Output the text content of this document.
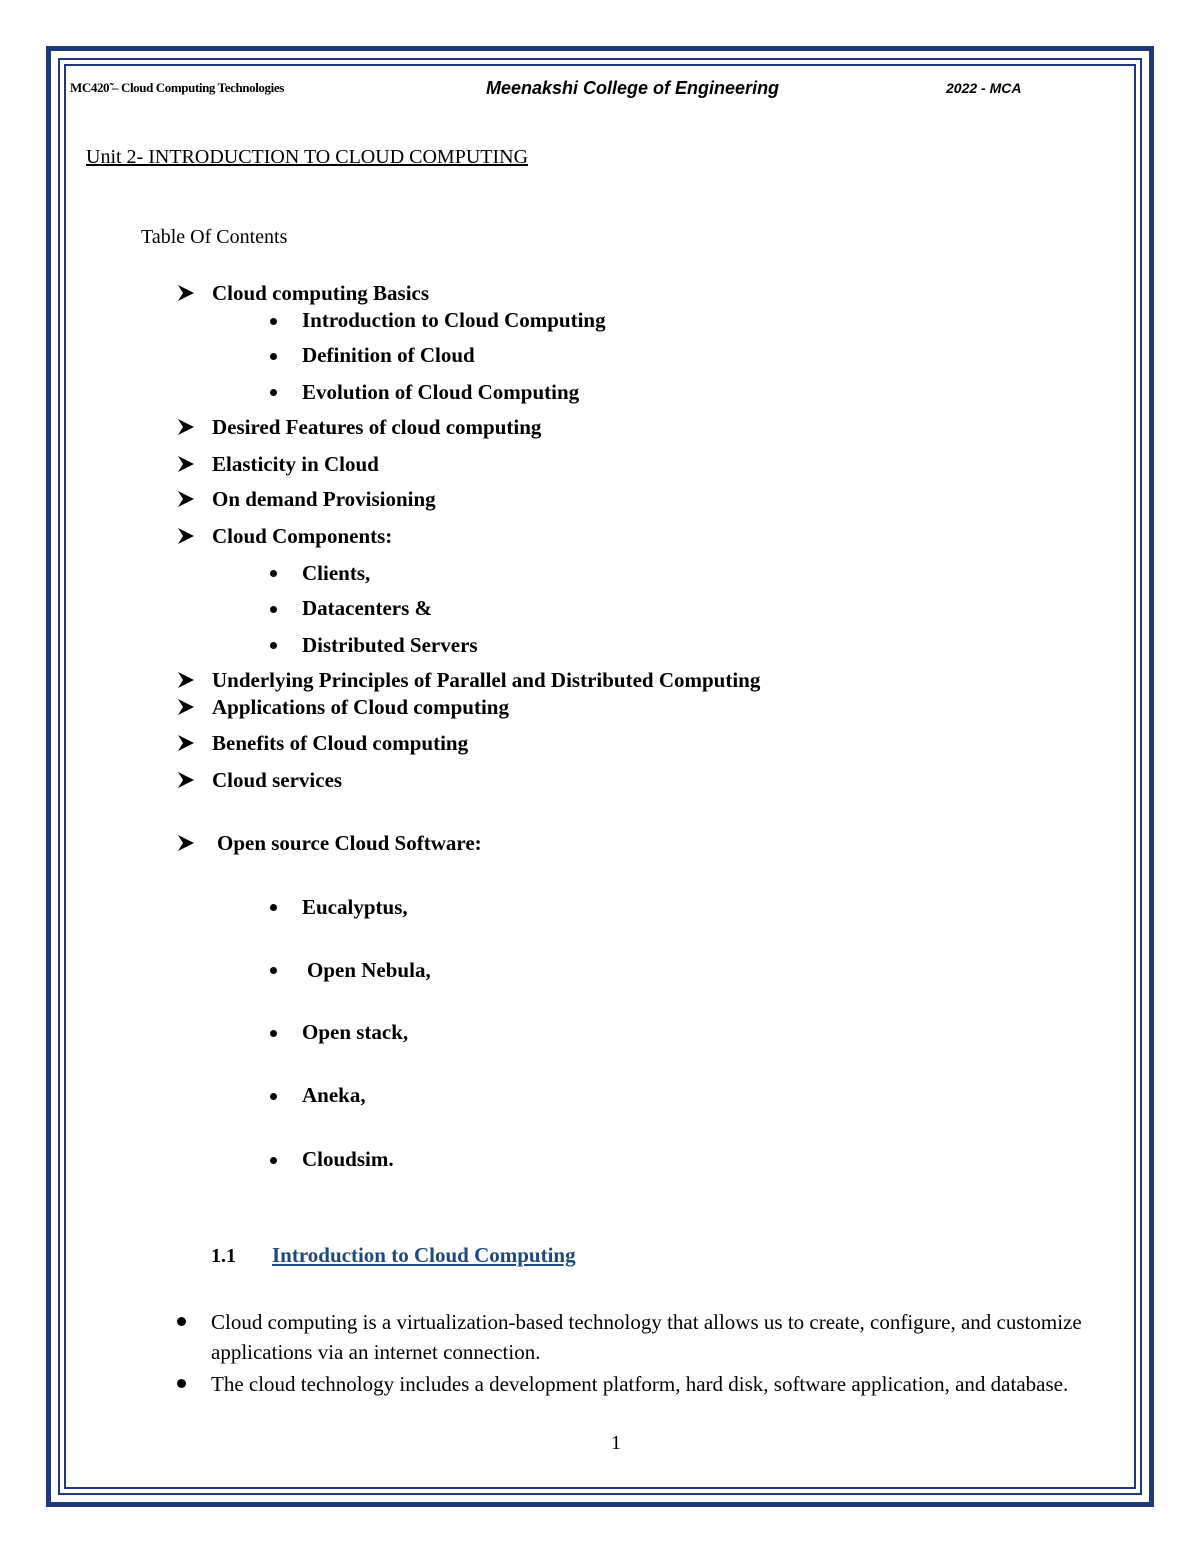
MC420̃ – Cloud Computing Technologies	Meenakshi College of Engineering	2022 - MCA
Unit 2- INTRODUCTION TO CLOUD COMPUTING
Table Of Contents
Cloud computing Basics
Introduction to Cloud Computing
Definition of Cloud
Evolution of Cloud Computing
Desired Features of cloud computing
Elasticity in Cloud
On demand Provisioning
Cloud Components:
Clients,
Datacenters &
Distributed Servers
Underlying Principles of Parallel and Distributed Computing
Applications of Cloud computing
Benefits of Cloud computing
Cloud services
Open source Cloud Software:
Eucalyptus,
Open Nebula,
Open stack,
Aneka,
Cloudsim.
1.1 Introduction to Cloud Computing
Cloud computing is a virtualization-based technology that allows us to create, configure, and customize applications via an internet connection.
The cloud technology includes a development platform, hard disk, software application, and database.
1
